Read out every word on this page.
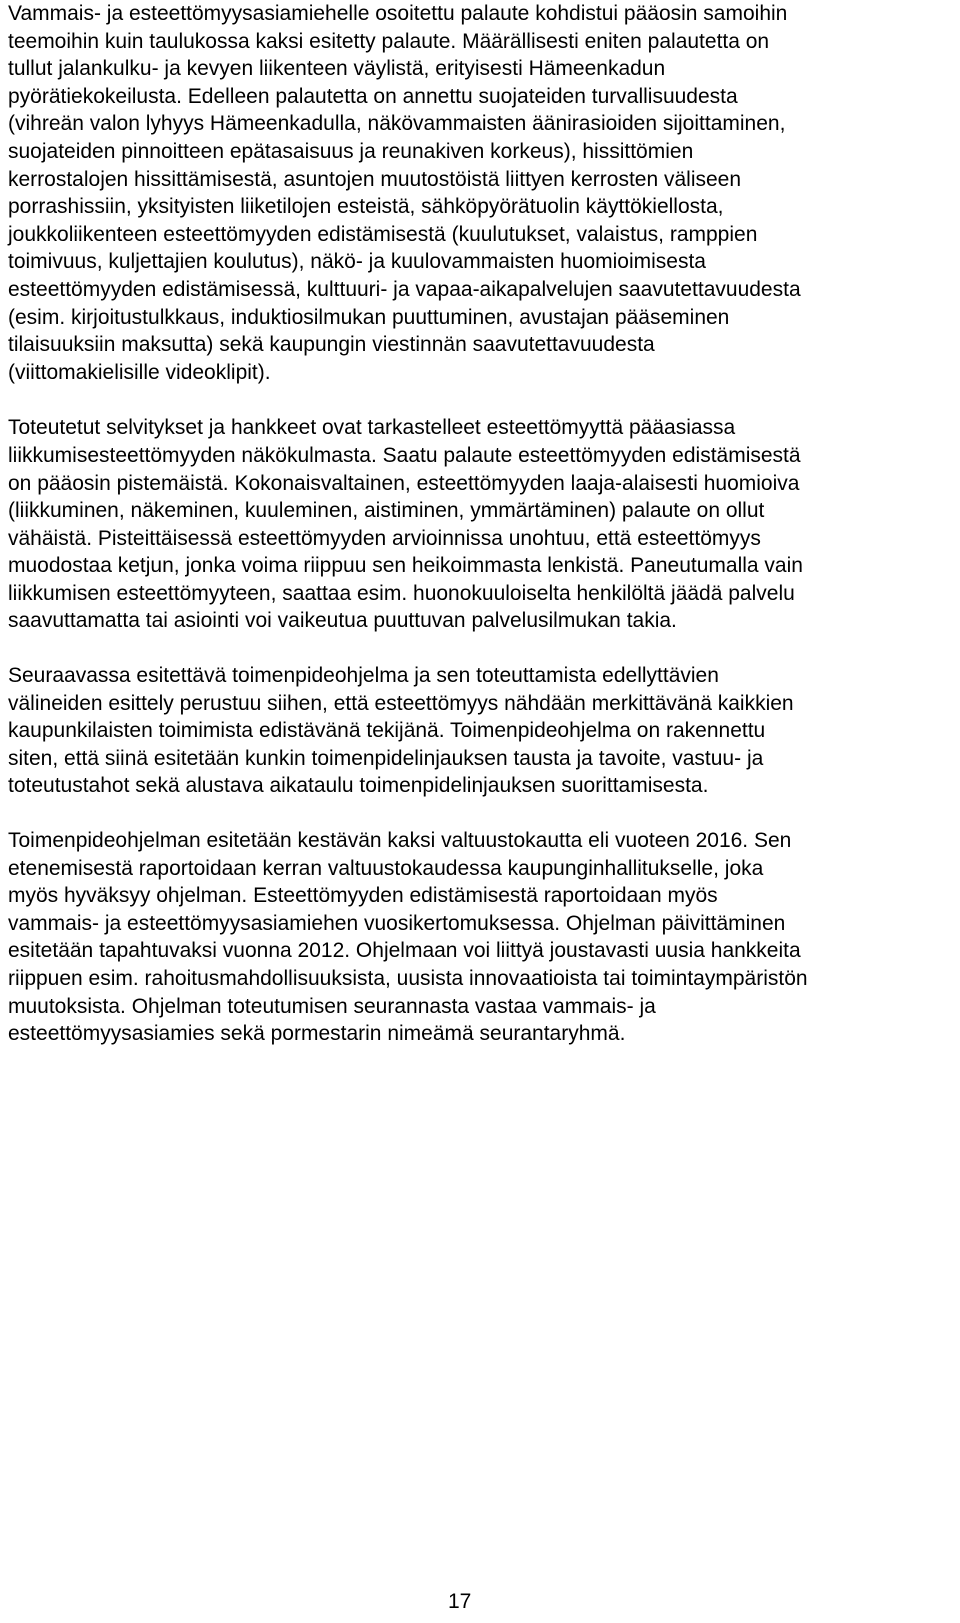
Vammais- ja esteettömyysasiamiehelle osoitettu palaute kohdistui pääosin samoihin
teemoihin kuin taulukossa kaksi esitetty palaute. Määrällisesti eniten palautetta on
tullut jalankulku- ja kevyen liikenteen väylistä, erityisesti Hämeenkadun
pyörätiekokeilusta. Edelleen palautetta on annettu suojateiden turvallisuudesta
(vihreän valon lyhyys Hämeenkadulla, näkövammaisten äänirasioiden sijoittaminen,
suojateiden pinnoitteen epätasaisuus ja reunakiven korkeus), hissittömien
kerrostalojen hissittämisestä, asuntojen muutostöistä liittyen kerrosten väliseen
porrashissiin, yksityisten liiketilojen esteistä, sähköpyörätuolin käyttökiellosta,
joukkoliikenteen esteettömyyden edistämisestä (kuulutukset, valaistus, ramppien
toimivuus, kuljettajien koulutus), näkö- ja kuulovammaisten huomioimisesta
esteettömyyden edistämisessä, kulttuuri- ja vapaa-aikapalvelujen saavutettavuudesta
(esim. kirjoitustulkkaus, induktiosilmukan puuttuminen, avustajan pääseminen
tilaisuuksiin maksutta) sekä kaupungin viestinnän saavutettavuudesta
(viittomakielisille videoklipit).

Toteutetut selvitykset ja hankkeet ovat tarkastelleet esteettömyyttä pääasiassa
liikkumisesteettömyyden näkökulmasta. Saatu palaute esteettömyyden edistämisestä
on pääosin pistemäistä. Kokonaisvaltainen, esteettömyyden laaja-alaisesti huomioiva
(liikkuminen, näkeminen, kuuleminen, aistiminen, ymmärtäminen) palaute on ollut
vähäistä. Pisteittäisessä esteettömyyden arvioinnissa unohtuu, että esteettömyys
muodostaa ketjun, jonka voima riippuu sen heikoimmasta lenkistä. Paneutumalla vain
liikkumisen esteettömyyteen, saattaa esim. huonokuuloiselta henkilöltä jäädä palvelu
saavuttamatta tai asiointi voi vaikeutua puuttuvan palvelusilmukan takia.

Seuraavassa esitettävä toimenpideohjelma ja sen toteuttamista edellyttävien
välineiden esittely perustuu siihen, että esteettömyys nähdään merkittävänä kaikkien
kaupunkilaisten toimimista edistävänä tekijänä. Toimenpideohjelma on rakennettu
siten, että siinä esitetään kunkin toimenpidelinjauksen tausta ja tavoite, vastuu- ja
toteutustahot sekä alustava aikataulu toimenpidelinjauksen suorittamisesta.

Toimenpideohjelman esitetään kestävän kaksi valtuustokautta eli vuoteen 2016. Sen
etenemisestä raportoidaan kerran valtuustokaudessa kaupunginhallitukselle, joka
myös hyväksyy ohjelman. Esteettömyyden edistämisestä raportoidaan myös
vammais- ja esteettömyysasiamiehen vuosikertomuksessa. Ohjelman päivittäminen
esitetään tapahtuvaksi vuonna 2012. Ohjelmaan voi liittyä joustavasti uusia hankkeita
riippuen esim. rahoitusmahdollisuuksista, uusista innovaatioista tai toimintaympäristön
muutoksista. Ohjelman toteutumisen seurannasta vastaa vammais- ja
esteettömyysasiamies sekä pormestarin nimeämä seurantaryhmä.

17
